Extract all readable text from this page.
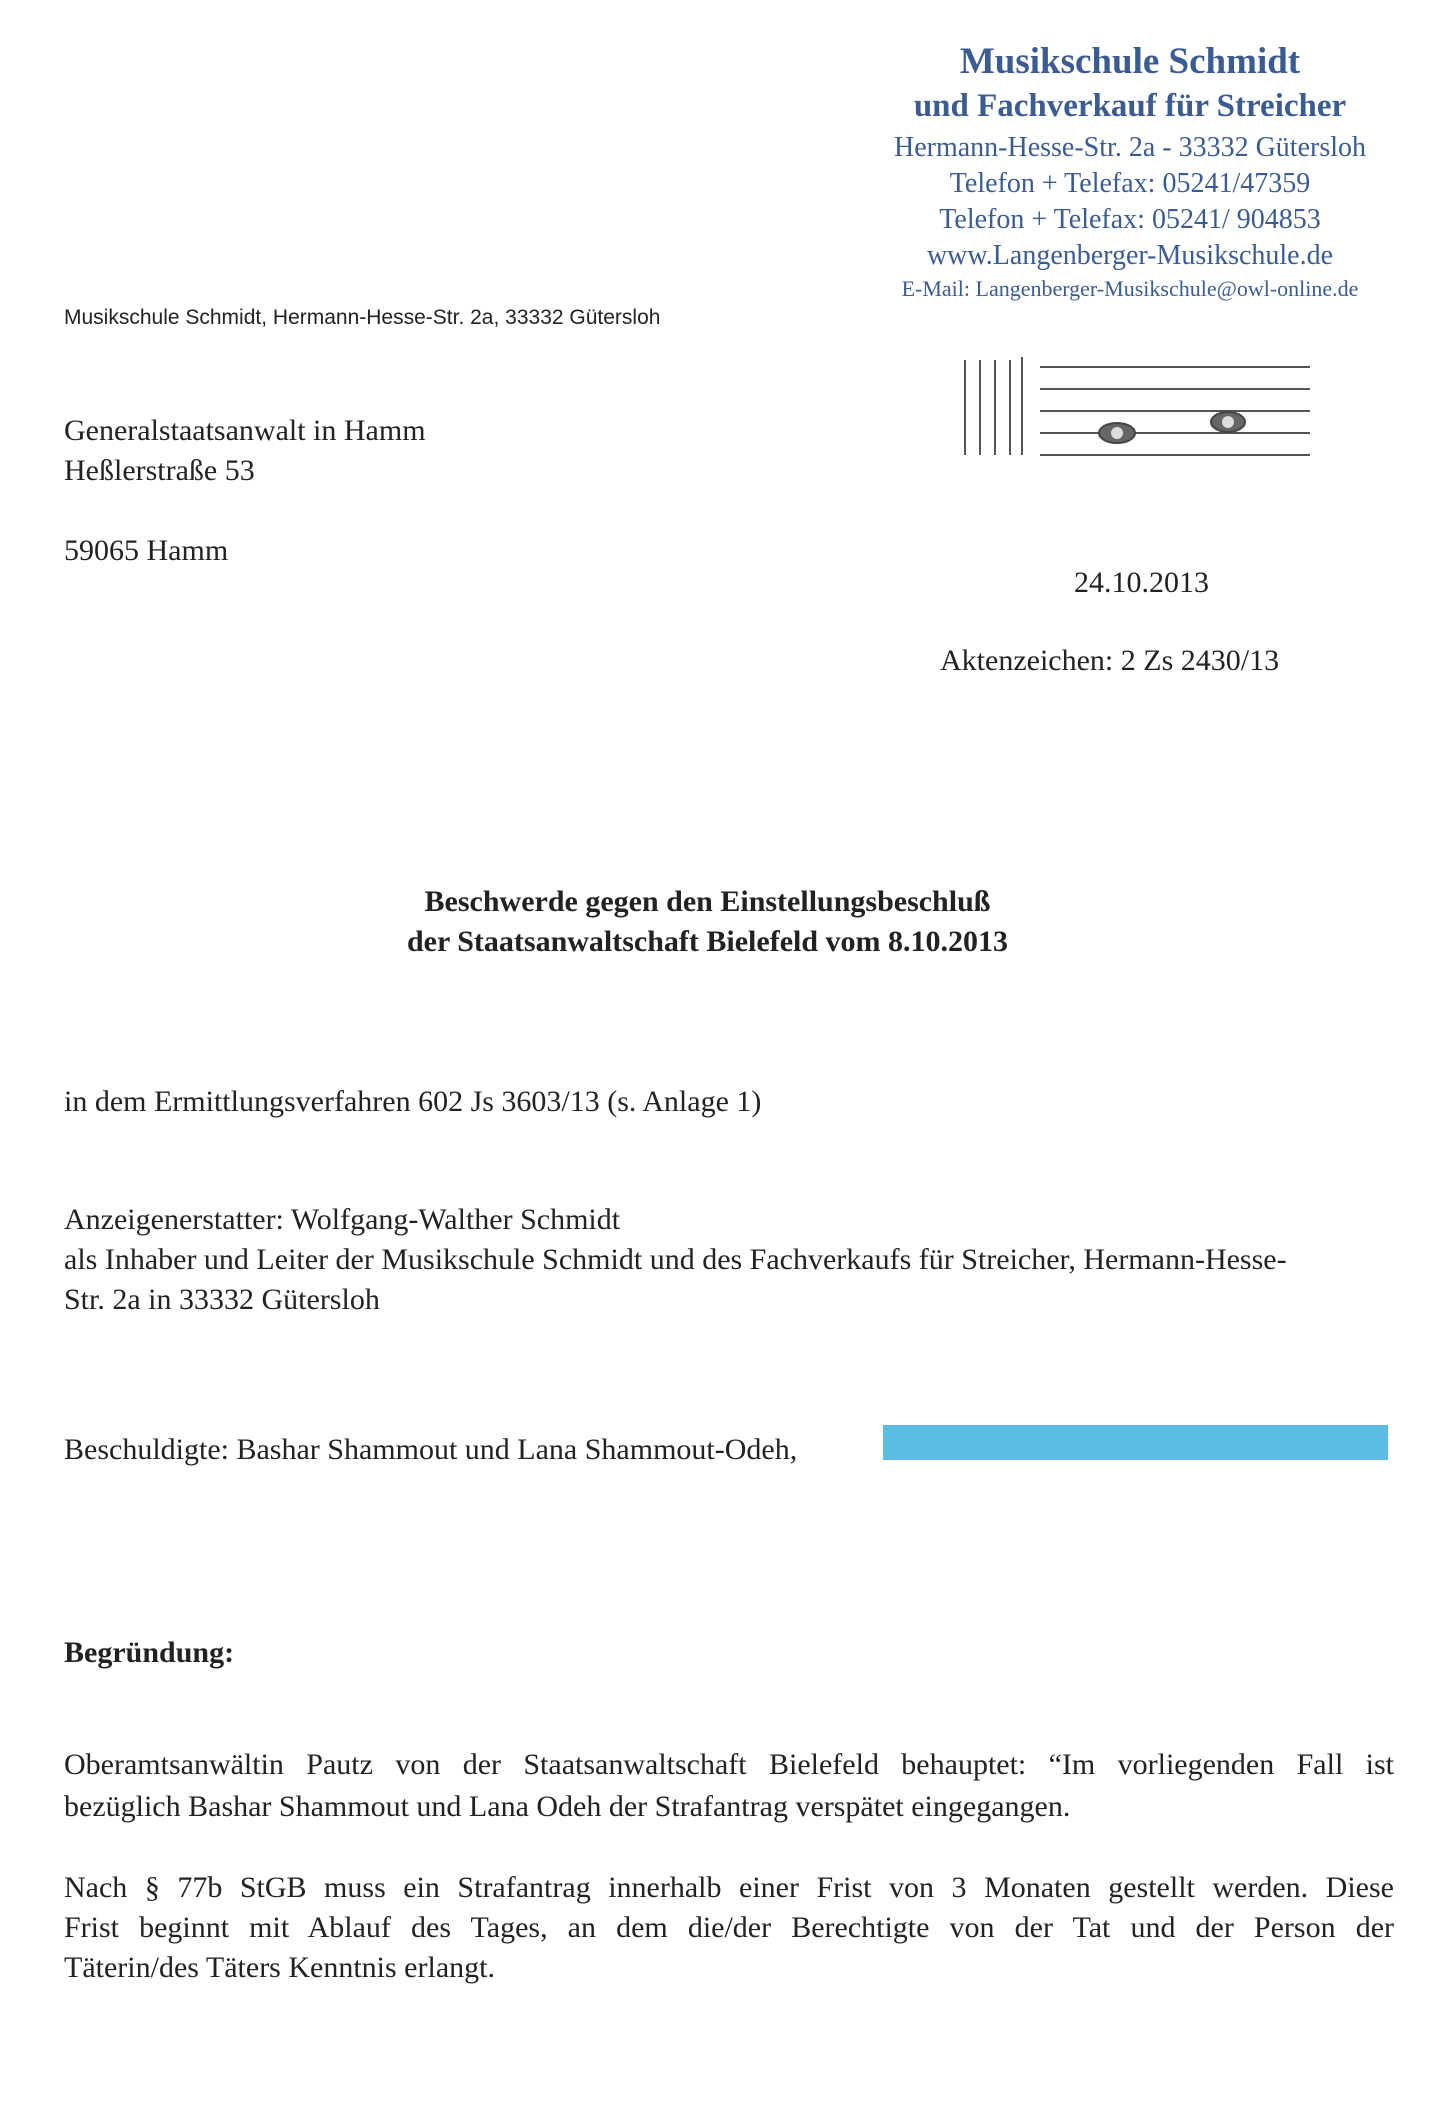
Musikschule Schmidt
und Fachverkauf für Streicher
Hermann-Hesse-Str. 2a - 33332 Gütersloh
Telefon + Telefax: 05241/47359
Telefon + Telefax: 05241/ 904853
www.Langenberger-Musikschule.de
E-Mail: Langenberger-Musikschule@owl-online.de
Musikschule Schmidt, Hermann-Hesse-Str. 2a, 33332 Gütersloh
Generalstaatsanwalt in Hamm
Heßlerstraße 53
59065 Hamm
24.10.2013
Aktenzeichen: 2 Zs 2430/13
Beschwerde gegen den Einstellungsbeschluß
der Staatsanwaltschaft Bielefeld vom 8.10.2013
in dem Ermittlungsverfahren 602 Js 3603/13 (s. Anlage 1)
Anzeigenerstatter: Wolfgang-Walther Schmidt
als Inhaber und Leiter der Musikschule Schmidt und des Fachverkaufs für Streicher, Hermann-Hesse-
Str. 2a in 33332 Gütersloh
Beschuldigte: Bashar Shammout und Lana Shammout-Odeh,
Begründung:
Oberamtsanwältin Pautz von der Staatsanwaltschaft Bielefeld behauptet: “Im vorliegenden Fall ist
bezüglich Bashar Shammout und Lana Odeh der Strafantrag verspätet eingegangen.
Nach § 77b StGB muss ein Strafantrag innerhalb einer Frist von 3 Monaten gestellt werden. Diese
Frist beginnt mit Ablauf des Tages, an dem die/der Berechtigte von der Tat und der Person der
Täterin/des Täters Kenntnis erlangt.
